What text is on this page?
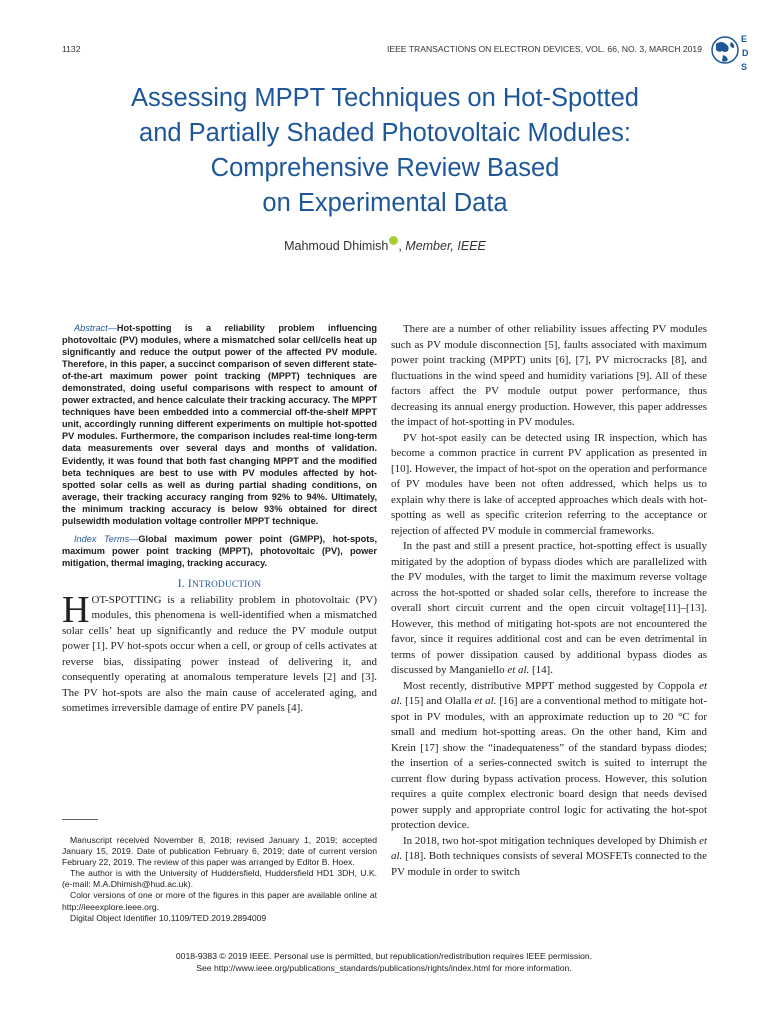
1132	IEEE TRANSACTIONS ON ELECTRON DEVICES, VOL. 66, NO. 3, MARCH 2019
E
D
S
Assessing MPPT Techniques on Hot-Spotted
and Partially Shaded Photovoltaic Modules:
Comprehensive Review Based
on Experimental Data
Mahmoud Dhimish , Member, IEEE

Abstract—Hot-spotting is a reliability problem influencing photovoltaic (PV) modules, where a mismatched solar cell/cells heat up significantly and reduce the output power of the affected PV module. Therefore, in this paper, a succinct comparison of seven different state-of-the-art maximum power point tracking (MPPT) techniques are demonstrated, doing useful comparisons with respect to amount of power extracted, and hence calculate their tracking accuracy. The MPPT techniques have been embedded into a commercial off-the-shelf MPPT unit, accordingly running different experiments on multiple hot-spotted PV modules. Furthermore, the comparison includes real-time long-term data measurements over several days and months of validation. Evidently, it was found that both fast changing MPPT and the modified beta techniques are best to use with PV modules affected by hot-spotted solar cells as well as during partial shading conditions, on average, their tracking accuracy ranging from 92% to 94%. Ultimately, the minimum tracking accuracy is below 93% obtained for direct pulsewidth modulation voltage controller MPPT technique.

Index Terms—Global maximum power point (GMPP), hot-spots, maximum power point tracking (MPPT), photovoltaic (PV), power mitigation, thermal imaging, tracking accuracy.

I. INTRODUCTION

HOT-SPOTTING is a reliability problem in photovoltaic (PV) modules, this phenomena is well-identified when a mismatched solar cells’ heat up significantly and reduce the PV module output power [1]. PV hot-spots occur when a cell, or group of cells activates at reverse bias, dissipating power instead of delivering it, and consequently operating at anomalous temperature levels [2] and [3]. The PV hot-spots are also the main cause of accelerated aging, and sometimes irreversible damage of entire PV panels [4].

Manuscript received November 8, 2018; revised January 1, 2019; accepted January 15, 2019. Date of publication February 6, 2019; date of current version February 22, 2019. The review of this paper was arranged by Editor B. Hoex.

The author is with the University of Huddersfield, Huddersfield HD1 3DH, U.K. (e-mail: M.A.Dhimish@hud.ac.uk).

Color versions of one or more of the figures in this paper are available online at http://ieeexplore.ieee.org.

Digital Object Identifier 10.1109/TED.2019.2894009

There are a number of other reliability issues affecting PV modules such as PV module disconnection [5], faults associated with maximum power point tracking (MPPT) units [6], [7], PV microcracks [8], and fluctuations in the wind speed and humidity variations [9]. All of these factors affect the PV module output power performance, thus decreasing its annual energy production. However, this paper addresses the impact of hot-spotting in PV modules.

PV hot-spot easily can be detected using IR inspection, which has become a common practice in current PV application as presented in [10]. However, the impact of hot-spot on the operation and performance of PV modules have been not often addressed, which helps us to explain why there is lake of accepted approaches which deals with hot-spotting as well as specific criterion referring to the acceptance or rejection of affected PV module in commercial frameworks.

In the past and still a present practice, hot-spotting effect is usually mitigated by the adoption of bypass diodes which are parallelized with the PV modules, with the target to limit the maximum reverse voltage across the hot-spotted or shaded solar cells, therefore to increase the overall short circuit current and the open circuit voltage[11]–[13]. However, this method of mitigating hot-spots are not encountered the favor, since it requires additional cost and can be even detrimental in terms of power dissipation caused by additional bypass diodes as discussed by Manganiello et al. [14].

Most recently, distributive MPPT method suggested by Coppola et al. [15] and Olalla et al. [16] are a conventional method to mitigate hot-spot in PV modules, with an approximate reduction up to 20 °C for small and medium hot-spotting areas. On the other hand, Kim and Krein [17] show the “inadequateness” of the standard bypass diodes; the insertion of a series-connected switch is suited to interrupt the current flow during bypass activation process. However, this solution requires a quite complex electronic board design that needs devised power supply and appropriate control logic for activating the hot-spot protection device.

In 2018, two hot-spot mitigation techniques developed by Dhimish et al. [18]. Both techniques consists of several MOSFETs connected to the PV module in order to switch

0018-9383 © 2019 IEEE. Personal use is permitted, but republication/redistribution requires IEEE permission.

See http://www.ieee.org/publications_standards/publications/rights/index.html for more information.
